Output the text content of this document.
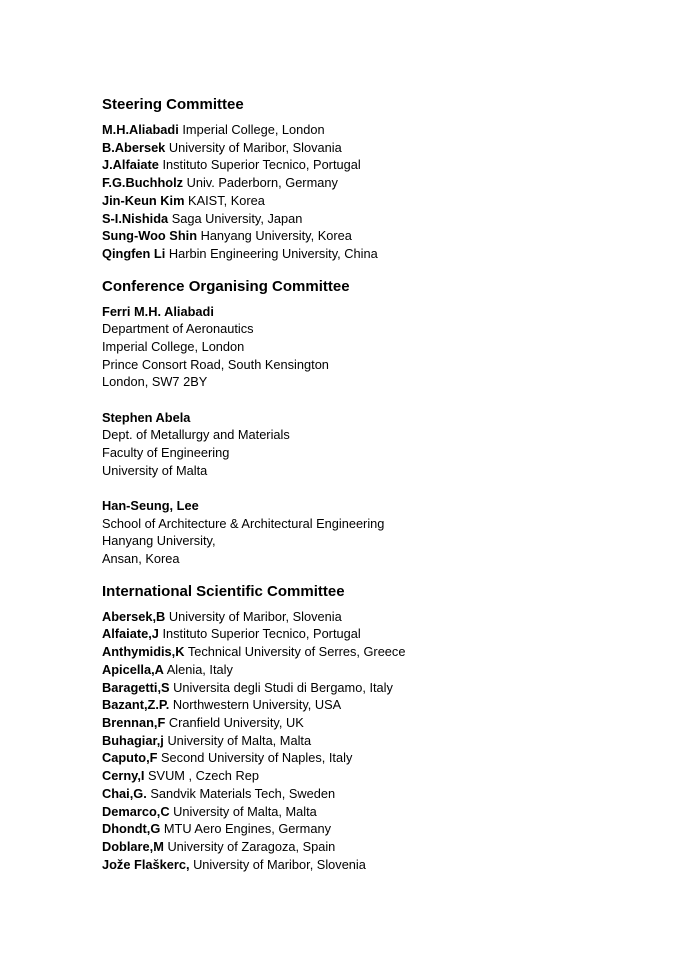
Steering Committee
M.H.Aliabadi Imperial College, London
B.Abersek University of Maribor, Slovania
J.Alfaiate Instituto Superior Tecnico, Portugal
F.G.Buchholz Univ. Paderborn, Germany
Jin-Keun Kim KAIST, Korea
S-I.Nishida Saga University, Japan
Sung-Woo Shin Hanyang University, Korea
Qingfen Li Harbin Engineering University, China
Conference Organising Committee
Ferri M.H. Aliabadi
Department of Aeronautics
Imperial College, London
Prince Consort Road, South Kensington
London, SW7 2BY
Stephen Abela
Dept. of Metallurgy and Materials
Faculty of Engineering
University of Malta
Han-Seung, Lee
School of Architecture & Architectural Engineering
Hanyang University,
Ansan, Korea
International Scientific Committee
Abersek,B University of Maribor, Slovenia
Alfaiate,J Instituto Superior Tecnico, Portugal
Anthymidis,K Technical University of Serres, Greece
Apicella,A Alenia, Italy
Baragetti,S Universita degli Studi di Bergamo, Italy
Bazant,Z.P. Northwestern University, USA
Brennan,F Cranfield University, UK
Buhagiar,j University of Malta, Malta
Caputo,F Second University of Naples, Italy
Cerny,I SVUM , Czech Rep
Chai,G. Sandvik Materials Tech, Sweden
Demarco,C University of Malta, Malta
Dhondt,G MTU Aero Engines, Germany
Doblare,M University of Zaragoza, Spain
Jože Flaškerc, University of Maribor, Slovenia
